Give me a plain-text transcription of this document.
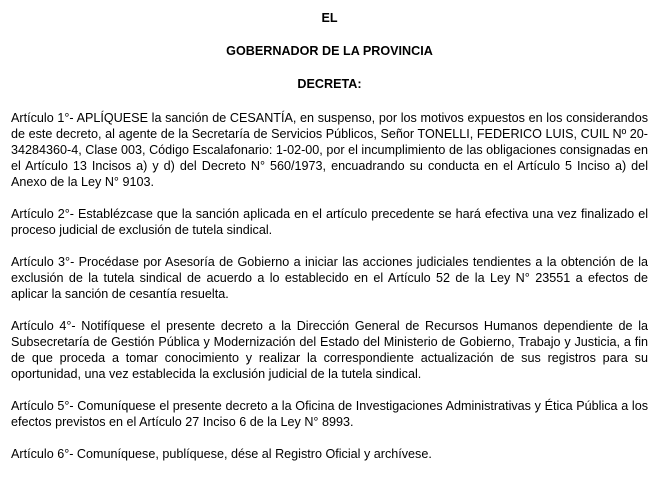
EL

GOBERNADOR DE LA PROVINCIA

DECRETA:

Artículo 1°- APLÍQUESE la sanción de CESANTÍA, en suspenso, por los motivos expuestos en los considerandos de este decreto, al agente de la Secretaría de Servicios Públicos, Señor TONELLI, FEDERICO LUIS, CUIL Nº 20-34284360-4, Clase 003, Código Escalafonario: 1-02-00, por el incumplimiento de las obligaciones consignadas en el Artículo 13 Incisos a) y d) del Decreto N° 560/1973, encuadrando su conducta en el Artículo 5 Inciso a) del Anexo de la Ley N° 9103.

Artículo 2°- Establézcase que la sanción aplicada en el artículo precedente se hará efectiva una vez finalizado el proceso judicial de exclusión de tutela sindical.

Artículo 3°- Procédase por Asesoría de Gobierno a iniciar las acciones judiciales tendientes a la obtención de la exclusión de la tutela sindical de acuerdo a lo establecido en el Artículo 52 de la Ley N° 23551 a efectos de aplicar la sanción de cesantía resuelta.

Artículo 4°- Notifíquese el presente decreto a la Dirección General de Recursos Humanos dependiente de la Subsecretaría de Gestión Pública y Modernización del Estado del Ministerio de Gobierno, Trabajo y Justicia, a fin de que proceda a tomar conocimiento y realizar la correspondiente actualización de sus registros para su oportunidad, una vez establecida la exclusión judicial de la tutela sindical.

Artículo 5°- Comuníquese el presente decreto a la Oficina de Investigaciones Administrativas y Ética Pública a los efectos previstos en el Artículo 27 Inciso 6 de la Ley N° 8993.

Artículo 6°- Comuníquese, publíquese, dése al Registro Oficial y archívese.
